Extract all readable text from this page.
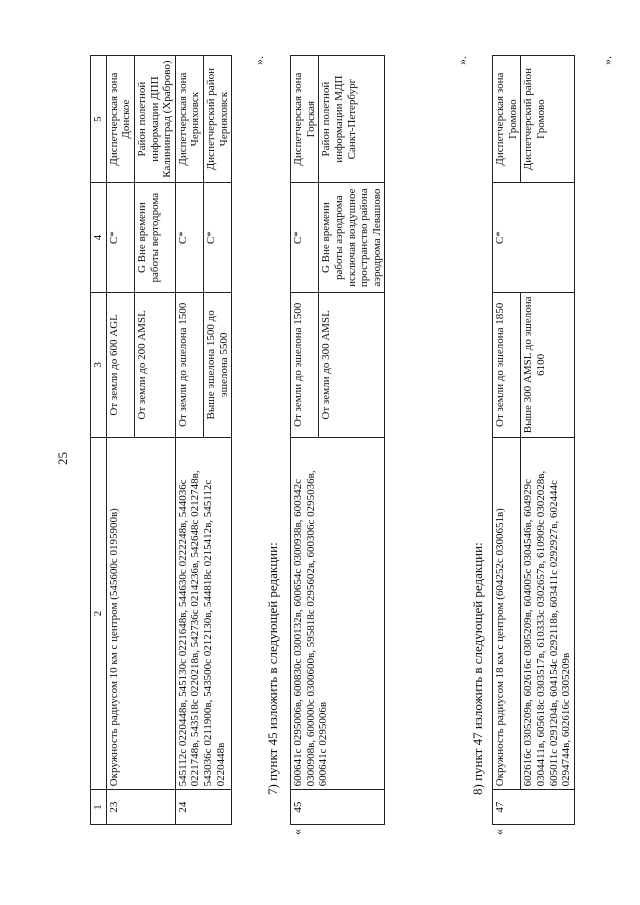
25
1	2	3	4	5
23	Окружность радиусом 10 км с центром (545600с 0195900в)	От земли до 600 AGL	C*	Диспетчерская зона Донское
		От земли до 200 AMSL	G Вне времени работы вертодрома	Район полетной информации ДПП Калининград (Храброво)
24	545112с 0220448в, 545130с 0221648в, 544630с 0222248в, 544036с 0221748в, 543518с 0220218в, 542736с 0214236в, 542648с 0212748в, 543036с 0211900в, 543500с 0212130в, 544818с 0215412в, 545112с 0220448в	От земли до эшелона 1500	C*	Диспетчерская зона Черняховск
		Выше эшелона 1500 до эшелона 5500	C*	Диспетчерский район Черняховск
».
7) пункт 45 изложить в следующей редакции:
«
45	600641с 0295006в, 600830с 0300132в, 600654с 0300938в, 600342с 0300908в, 600000с 0300600в, 595818с 0295602в, 600306с 0295036в, 600641с 0295006в	От земли до эшелона 1500	C*	Диспетчерская зона Горская
		От земли до 300 AMSL	G Вне времени работы аэродрома исключая воздушное пространство района аэродрома Левашово	Район полетной информации МДП Санкт-Петербург
».
8) пункт 47 изложить в следующей редакции:
«
47	Окружность радиусом 18 км с центром (604252с 0300651в)	От земли до эшелона 1850	C*	Диспетчерская зона Громово
	602616с 0305209в, 602616с 0305209в, 604005с 0304546в, 604929с 0304411в, 605618с 0303517в, 610333с 0302657в, 610909с 0302028в, 605011с 0291204в, 604154с 0292118в, 603411с 0292927в, 602444с 0294744в, 602616с 0305209в	Выше 300 AMSL до эшелона 6100		Диспетчерский район Громово
».
